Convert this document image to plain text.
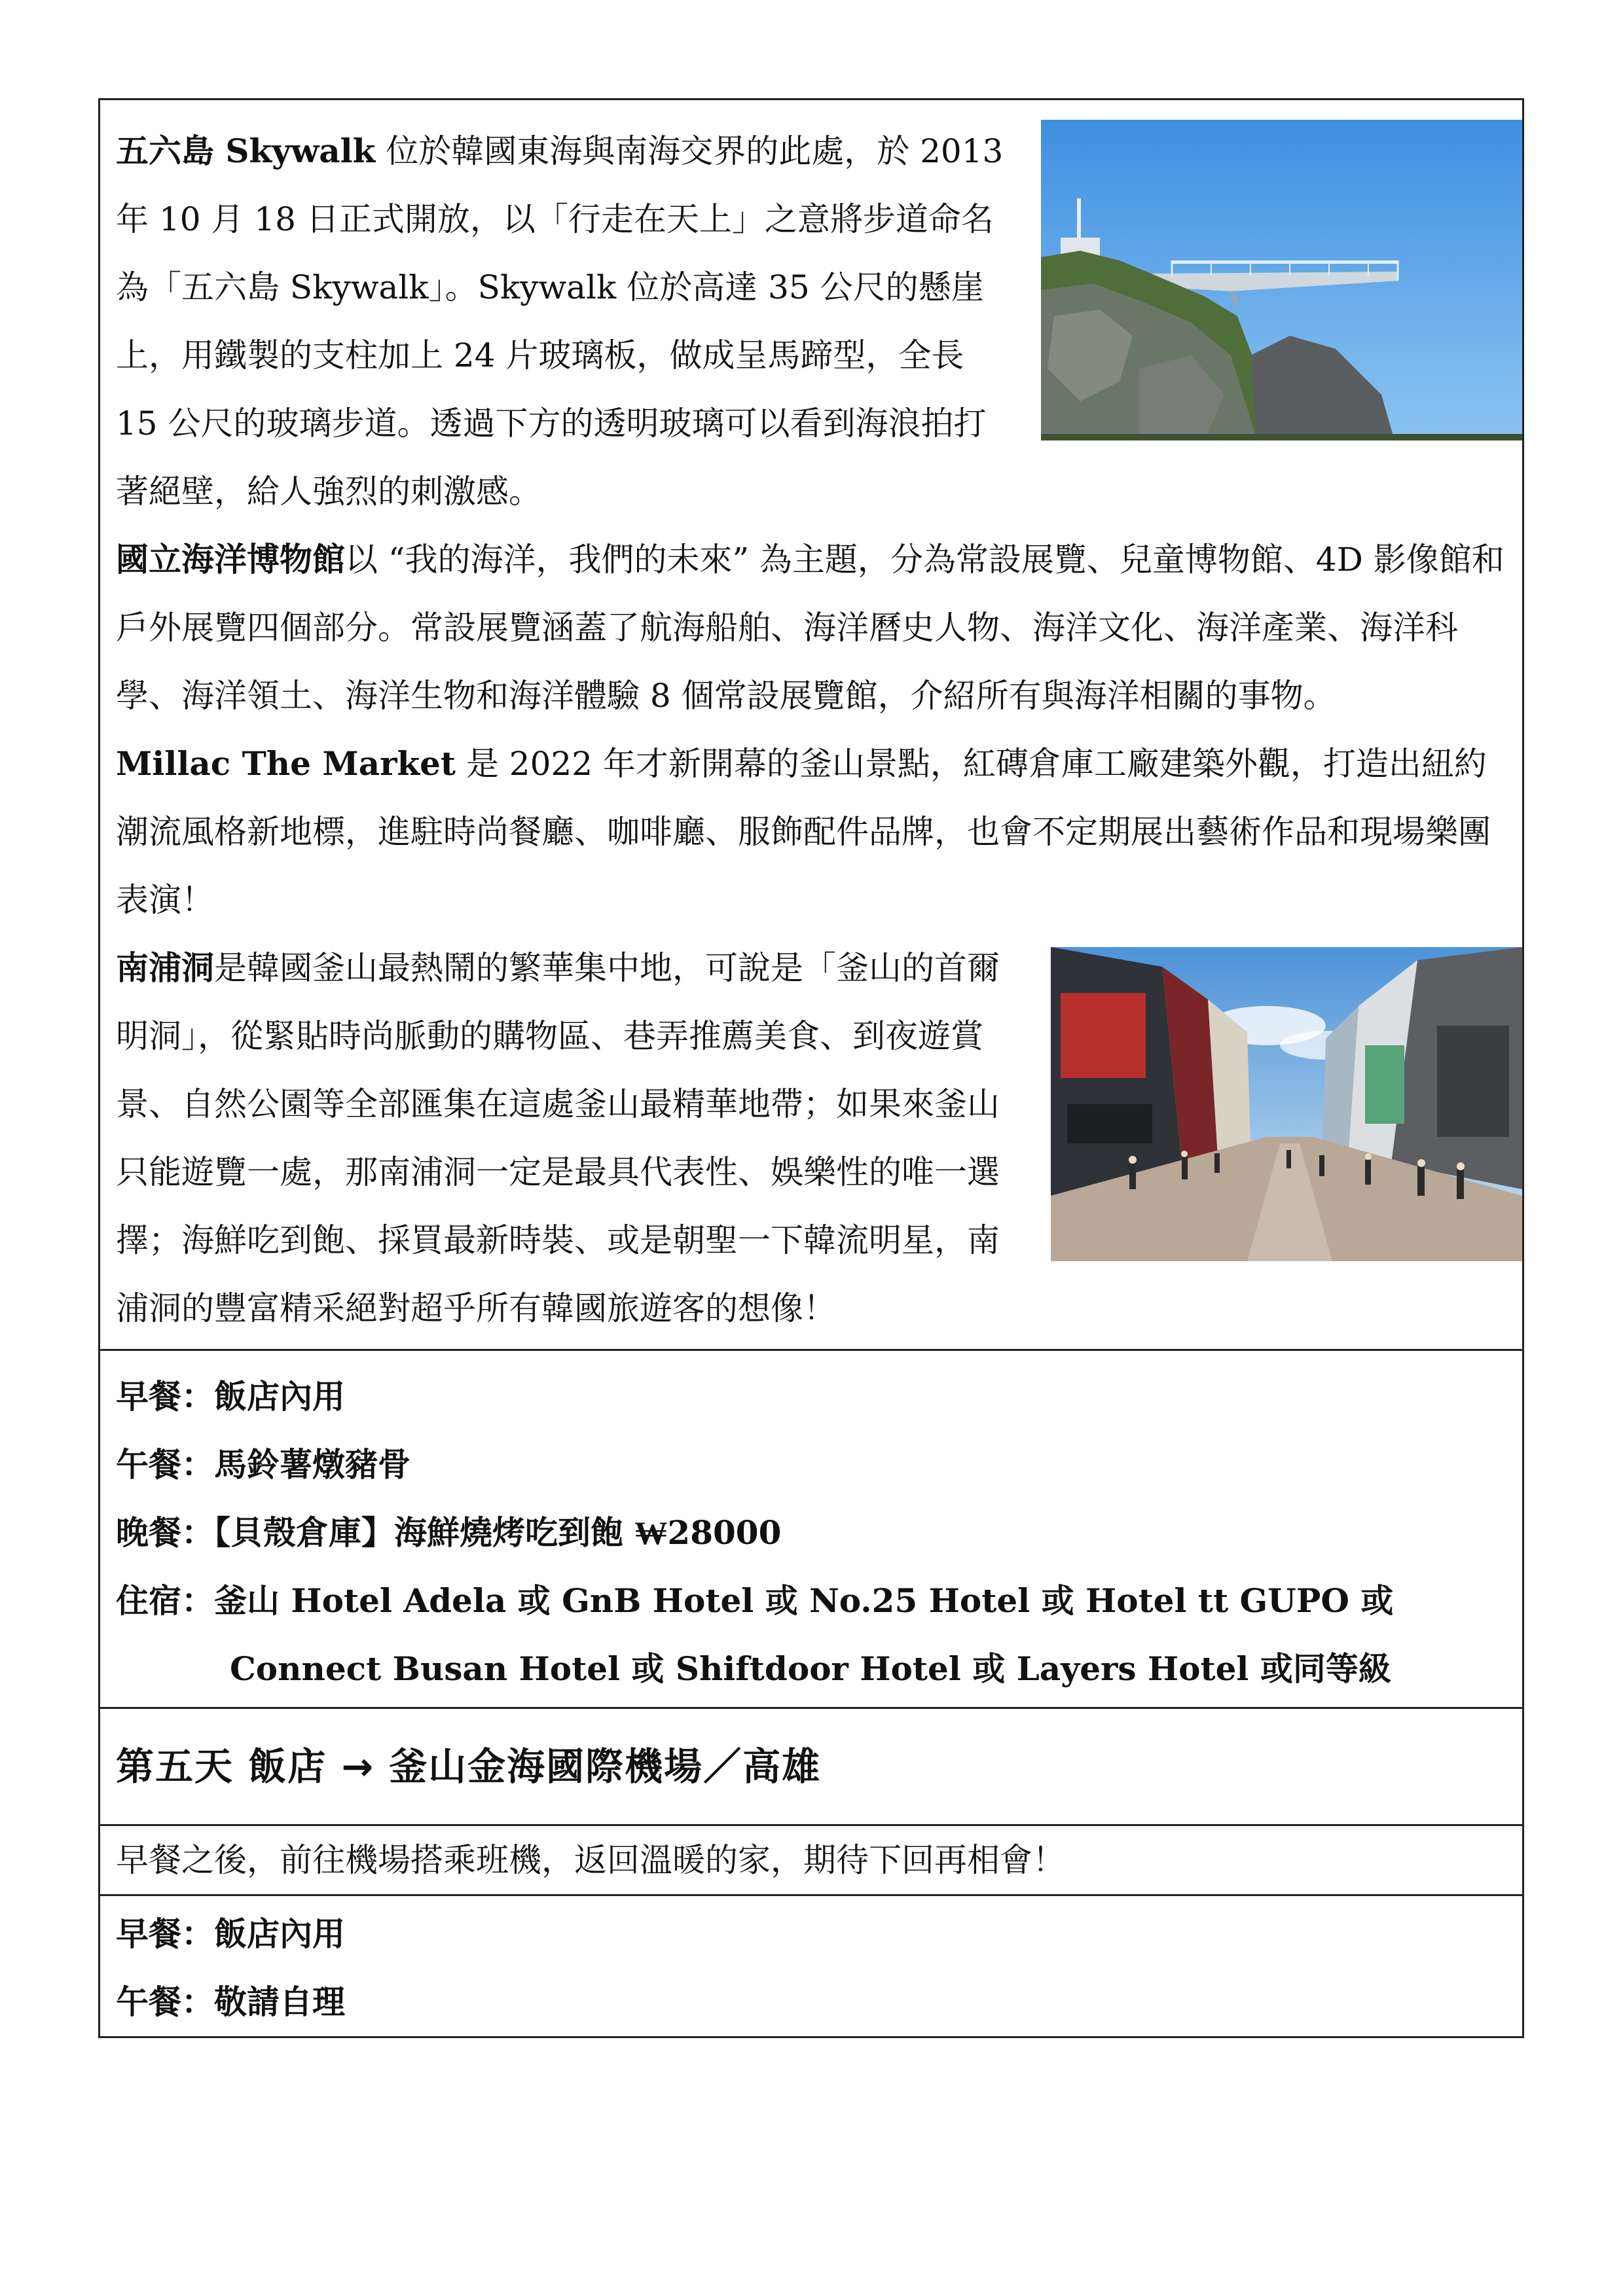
五六島 Skywalk 位於韓國東海與南海交界的此處，於 2013 年 10 月 18 日正式開放，以「行走在天上」之意將步道命名為「五六島 Skywalk」。Skywalk 位於高達 35 公尺的懸崖上，用鐵製的支柱加上 24 片玻璃板，做成呈馬蹄型，全長 15 公尺的玻璃步道。透過下方的透明玻璃可以看到海浪拍打著絕壁，給人強烈的刺激感。

國立海洋博物館以 “我的海洋，我們的未來” 為主題，分為常設展覽、兒童博物館、4D 影像館和戶外展覽四個部分。常設展覽涵蓋了航海船舶、海洋曆史人物、海洋文化、海洋產業、海洋科學、海洋領土、海洋生物和海洋體驗 8 個常設展覽館，介紹所有與海洋相關的事物。

Millac The Market 是 2022 年才新開幕的釜山景點，紅磚倉庫工廠建築外觀，打造出紐約潮流風格新地標，進駐時尚餐廳、咖啡廳、服飾配件品牌，也會不定期展出藝術作品和現場樂團表演！

南浦洞是韓國釜山最熱鬧的繁華集中地，可說是「釜山的首爾明洞」，從緊貼時尚脈動的購物區、巷弄推薦美食、到夜遊賞景、自然公園等全部匯集在這處釜山最精華地帶；如果來釜山只能遊覽一處，那南浦洞一定是最具代表性、娛樂性的唯一選擇；海鮮吃到飽、採買最新時裝、或是朝聖一下韓流明星，南浦洞的豐富精采絕對超乎所有韓國旅遊客的想像！

早餐：飯店內用
午餐：馬鈴薯燉豬骨
晚餐：【貝殼倉庫】海鮮燒烤吃到飽 ₩28000
住宿：釜山 Hotel Adela 或 GnB Hotel 或 No.25 Hotel 或 Hotel tt GUPO 或
Connect Busan Hotel 或 Shiftdoor Hotel 或 Layers Hotel 或同等級
第五天 飯店 → 釜山金海國際機場／高雄
早餐之後，前往機場搭乘班機，返回溫暖的家，期待下回再相會！
早餐：飯店內用
午餐：敬請自理
